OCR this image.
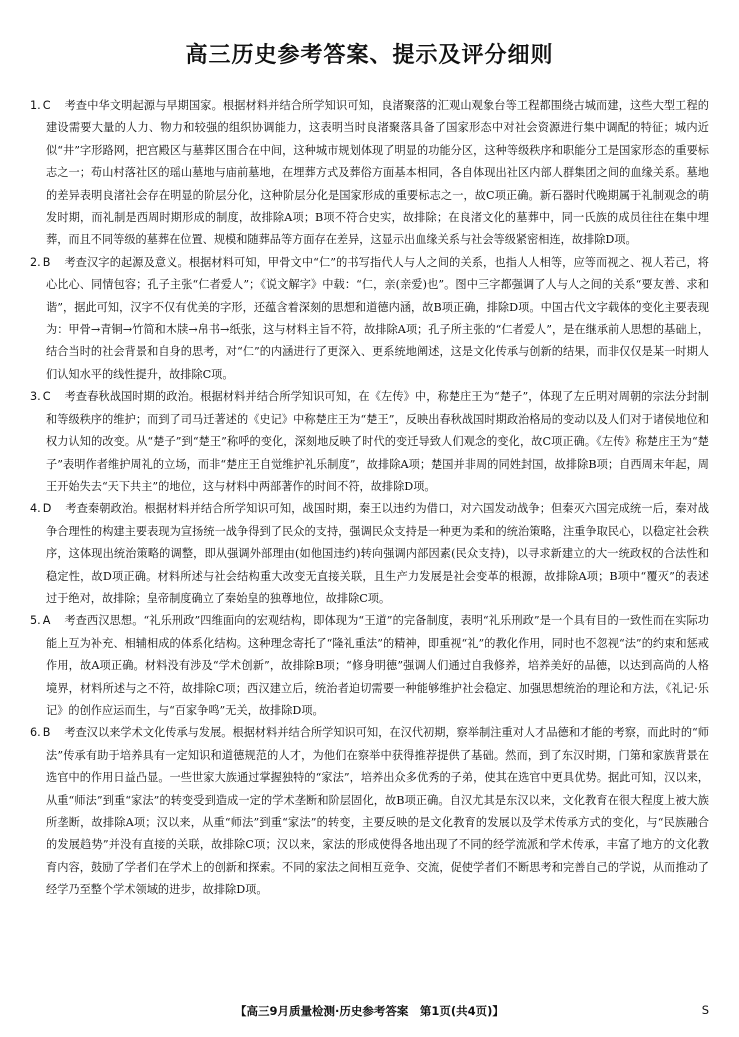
高三历史参考答案、提示及评分细则

1. C 考查中华文明起源与早期国家。根据材料并结合所学知识可知，良渚聚落的汇观山观象台等工程都围绕古城而建，这些大型工程的建设需要大量的人力、物力和较强的组织协调能力，这表明当时良渚聚落具备了国家形态中对社会资源进行集中调配的特征；城内近似“井”字形路网，把宫殿区与墓葬区围合在中间，这种城市规划体现了明显的功能分区，这种等级秩序和职能分工是国家形态的重要标志之一；苟山村落社区的瑶山墓地与庙前墓地，在埋葬方式及葬俗方面基本相同，各自体现出社区内部人群集团之间的血缘关系。墓地的差异表明良渚社会存在明显的阶层分化，这种阶层分化是国家形成的重要标志之一，故C项正确。新石器时代晚期属于礼制观念的萌发时期，而礼制是西周时期形成的制度，故排除A项；B项不符合史实，故排除；在良渚文化的墓葬中，同一氏族的成员往往在集中埋葬，而且不同等级的墓葬在位置、规模和随葬品等方面存在差异，这显示出血缘关系与社会等级紧密相连，故排除D项。

2. B 考查汉字的起源及意义。根据材料可知，甲骨文中“仁”的书写指代人与人之间的关系，也指人人相等，应等而视之、视人若己，将心比心、同情包容；孔子主张“仁者爱人”；《说文解字》中载：“仁，亲(亲爱)也”。图中三字都强调了人与人之间的关系“要友善、求和谐”，据此可知，汉字不仅有优美的字形，还蕴含着深刻的思想和道德内涵，故B项正确，排除D项。中国古代文字载体的变化主要表现为：甲骨→青铜→竹简和木牍→帛书→纸张，这与材料主旨不符，故排除A项；孔子所主张的“仁者爱人”，是在继承前人思想的基础上，结合当时的社会背景和自身的思考，对“仁”的内涵进行了更深入、更系统地阐述，这是文化传承与创新的结果，而非仅仅是某一时期人们认知水平的线性提升，故排除C项。

3. C 考查春秋战国时期的政治。根据材料并结合所学知识可知，在《左传》中，称楚庄王为“楚子”，体现了左丘明对周朝的宗法分封制和等级秩序的维护；而到了司马迁著述的《史记》中称楚庄王为“楚王”，反映出春秋战国时期政治格局的变动以及人们对于诸侯地位和权力认知的改变。从“楚子”到“楚王”称呼的变化，深刻地反映了时代的变迁导致人们观念的变化，故C项正确。《左传》称楚庄王为“楚子”表明作者维护周礼的立场，而非“楚庄王自觉维护礼乐制度”，故排除A项；楚国并非周的同姓封国，故排除B项；自西周末年起，周王开始失去“天下共主”的地位，这与材料中两部著作的时间不符，故排除D项。

4. D 考查秦朝政治。根据材料并结合所学知识可知，战国时期，秦王以违约为借口，对六国发动战争；但秦灭六国完成统一后，秦对战争合理性的构建主要表现为宣扬统一战争得到了民众的支持，强调民众支持是一种更为柔和的统治策略，注重争取民心，以稳定社会秩序，这体现出统治策略的调整，即从强调外部理由(如他国违约)转向强调内部因素(民众支持)，以寻求新建立的大一统政权的合法性和稳定性，故D项正确。材料所述与社会结构重大改变无直接关联，且生产力发展是社会变革的根源，故排除A项；B项中“覆灭”的表述过于绝对，故排除；皇帝制度确立了秦始皇的独尊地位，故排除C项。

5. A 考查西汉思想。“礼乐刑政”四维面向的宏观结构，即体现为“王道”的完备制度，表明“礼乐刑政”是一个具有目的一致性而在实际功能上互为补充、相辅相成的体系化结构。这种理念寄托了“隆礼重法”的精神，即重视“礼”的教化作用，同时也不忽视“法”的约束和惩戒作用，故A项正确。材料没有涉及“学术创新”，故排除B项；“修身明德”强调人们通过自我修养，培养美好的品德，以达到高尚的人格境界，材料所述与之不符，故排除C项；西汉建立后，统治者迫切需要一种能够维护社会稳定、加强思想统治的理论和方法，《礼记·乐记》的创作应运而生，与“百家争鸣”无关，故排除D项。

6. B 考查汉以来学术文化传承与发展。根据材料并结合所学知识可知，在汉代初期，察举制注重对人才品德和才能的考察，而此时的“师法”传承有助于培养具有一定知识和道德规范的人才，为他们在察举中获得推荐提供了基础。然而，到了东汉时期，门第和家族背景在选官中的作用日益凸显。一些世家大族通过掌握独特的“家法”，培养出众多优秀的子弟，使其在选官中更具优势。据此可知，汉以来，从重“师法”到重“家法”的转变受到造成一定的学术垄断和阶层固化，故B项正确。自汉尤其是东汉以来，文化教育在很大程度上被大族所垄断，故排除A项；汉以来，从重“师法”到重“家法”的转变，主要反映的是文化教育的发展以及学术传承方式的变化，与“民族融合的发展趋势”并没有直接的关联，故排除C项；汉以来，家法的形成使得各地出现了不同的经学流派和学术传承，丰富了地方的文化教育内容，鼓励了学者们在学术上的创新和探索。不同的家法之间相互竞争、交流，促使学者们不断思考和完善自己的学说，从而推动了经学乃至整个学术领域的进步，故排除D项。

【高三9月质量检测·历史参考答案　第1页(共4页)】	S
